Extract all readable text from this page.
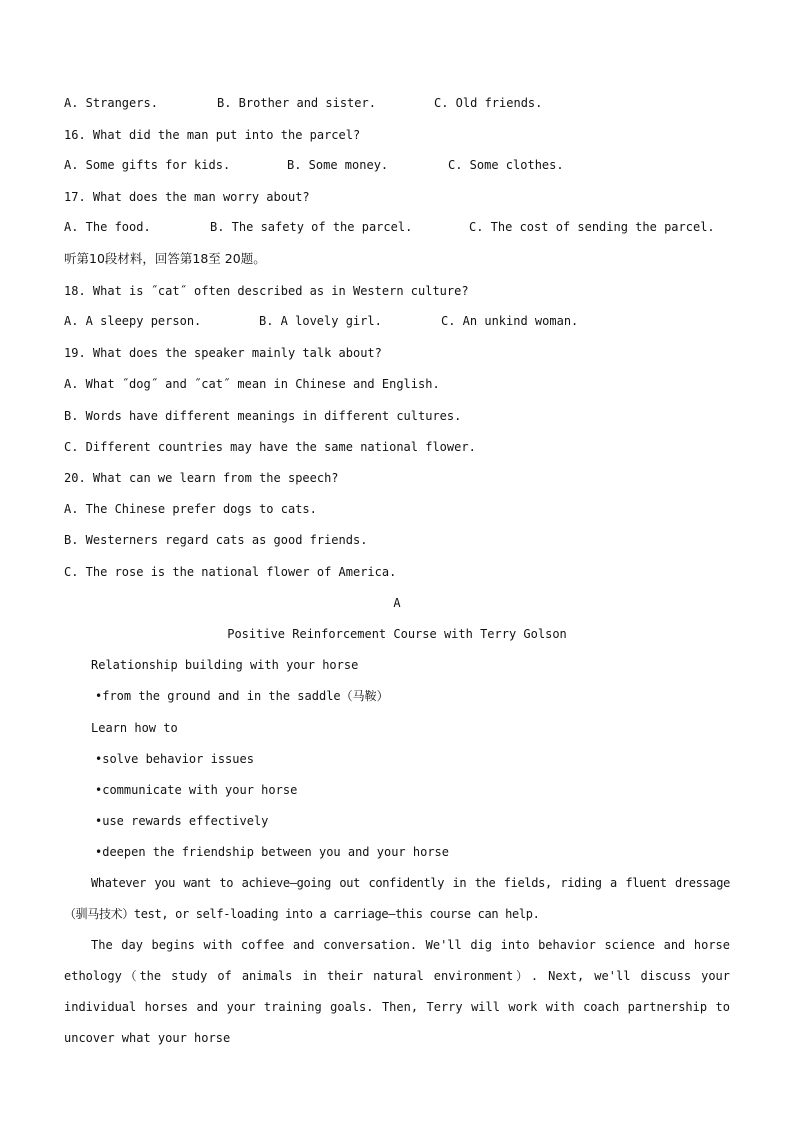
A. Strangers.	B. Brother and sister.	C. Old friends.
16. What did the man put into the parcel?
A. Some gifts for kids.	B. Some money.	C. Some clothes.
17. What does the man worry about?
A. The food.	B. The safety of the parcel.	C. The cost of sending the parcel.
听第10段材料，回答第18至 20题。
18. What is ˝cat˝ often described as in Western culture?
A. A sleepy person.	B. A lovely girl.	C. An unkind woman.
19. What does the speaker mainly talk about?
A. What ˝dog˝ and ˝cat˝ mean in Chinese and English.
B. Words have different meanings in different cultures.
C. Different countries may have the same national flower.
20. What can we learn from the speech?
A. The Chinese prefer dogs to cats.
B. Westerners regard cats as good friends.
C. The rose is the national flower of America.
A
Positive Reinforcement Course with Terry Golson
Relationship building with your horse
•from the ground and in the saddle（马鞍）
Learn how to
•solve behavior issues
•communicate with your horse
•use rewards effectively
•deepen the friendship between you and your horse
Whatever you want to achieve—going out confidently in the fields, riding a fluent dressage（驯马技术）test, or self-loading into a carriage—this course can help.
The day begins with coffee and conversation. We'll dig into behavior science and horse ethology（the study of animals in their natural environment）. Next, we'll discuss your individual horses and your training goals. Then, Terry will work with coach partnership to uncover what your horse
